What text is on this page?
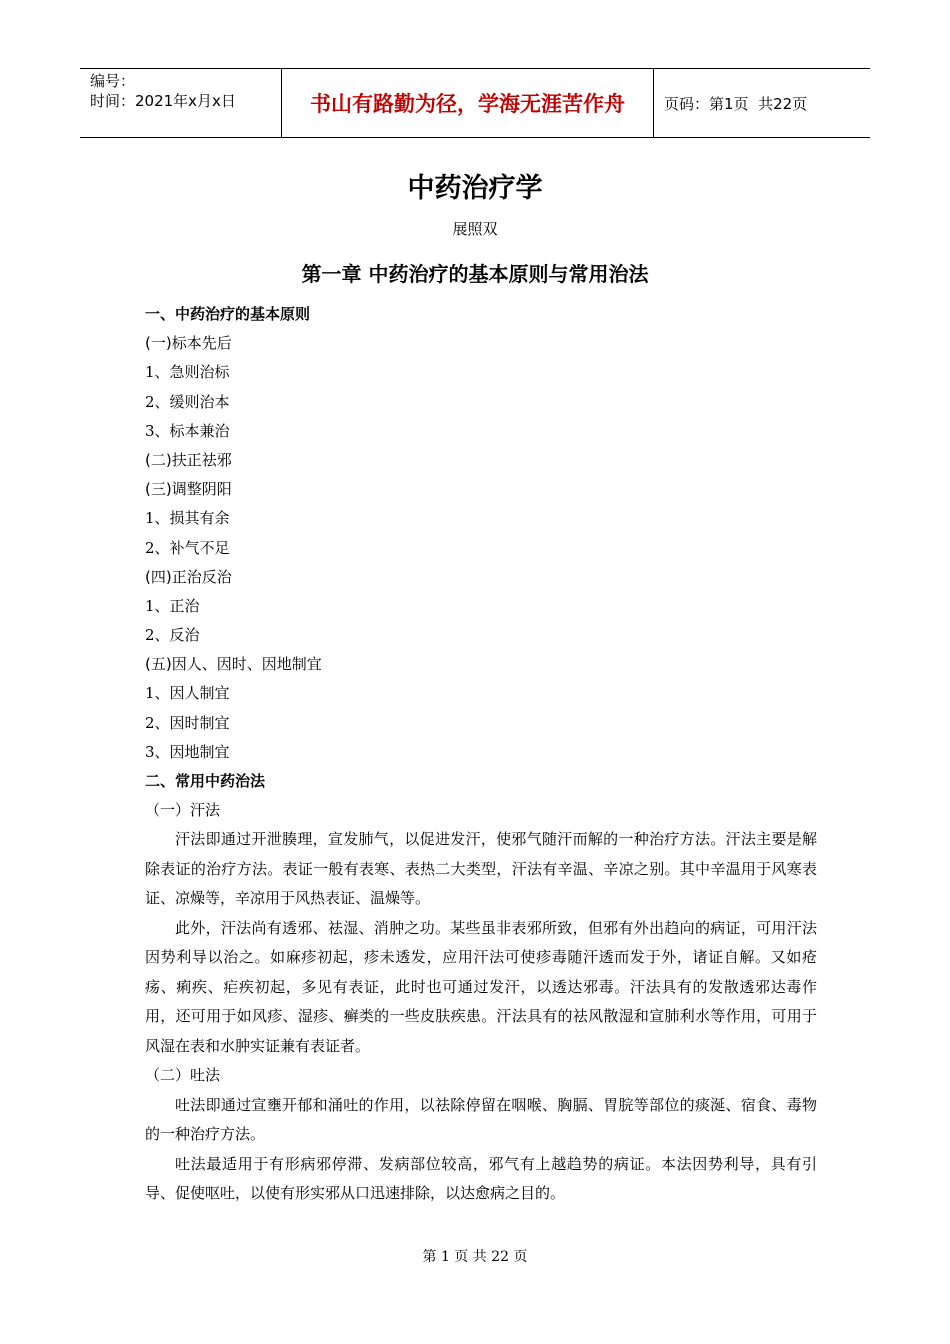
编号：
时间：2021年x月x日	书山有路勤为径，学海无涯苦作舟	页码：第1页  共22页
中药治疗学
展照双
第一章 中药治疗的基本原则与常用治法
一、中药治疗的基本原则
(一)标本先后
1、急则治标
2、缓则治本
3、标本兼治
(二)扶正祛邪
(三)调整阴阳
1、损其有余
2、补气不足
(四)正治反治
1、正治
2、反治
(五)因人、因时、因地制宜
1、因人制宜
2、因时制宜
3、因地制宜
二、常用中药治法
（一）汗法
汗法即通过开泄腠理，宣发肺气，以促进发汗，使邪气随汗而解的一种治疗方法。汗法主要是解除表证的治疗方法。表证一般有表寒、表热二大类型，汗法有辛温、辛凉之别。其中辛温用于风寒表证、凉燥等，辛凉用于风热表证、温燥等。
此外，汗法尚有透邪、祛湿、消肿之功。某些虽非表邪所致，但邪有外出趋向的病证，可用汗法因势利导以治之。如麻疹初起，疹未透发，应用汗法可使疹毒随汗透而发于外，诸证自解。又如疮疡、痢疾、疟疾初起，多见有表证，此时也可通过发汗，以透达邪毒。汗法具有的发散透邪达毒作用，还可用于如风疹、湿疹、癣类的一些皮肤疾患。汗法具有的祛风散湿和宣肺利水等作用，可用于风湿在表和水肿实证兼有表证者。
（二）吐法
吐法即通过宣壅开郁和涌吐的作用，以祛除停留在咽喉、胸膈、胃脘等部位的痰涎、宿食、毒物的一种治疗方法。
吐法最适用于有形病邪停滞、发病部位较高，邪气有上越趋势的病证。本法因势利导，具有引导、促使呕吐，以使有形实邪从口迅速排除，以达愈病之目的。
第 1 页 共 22 页
